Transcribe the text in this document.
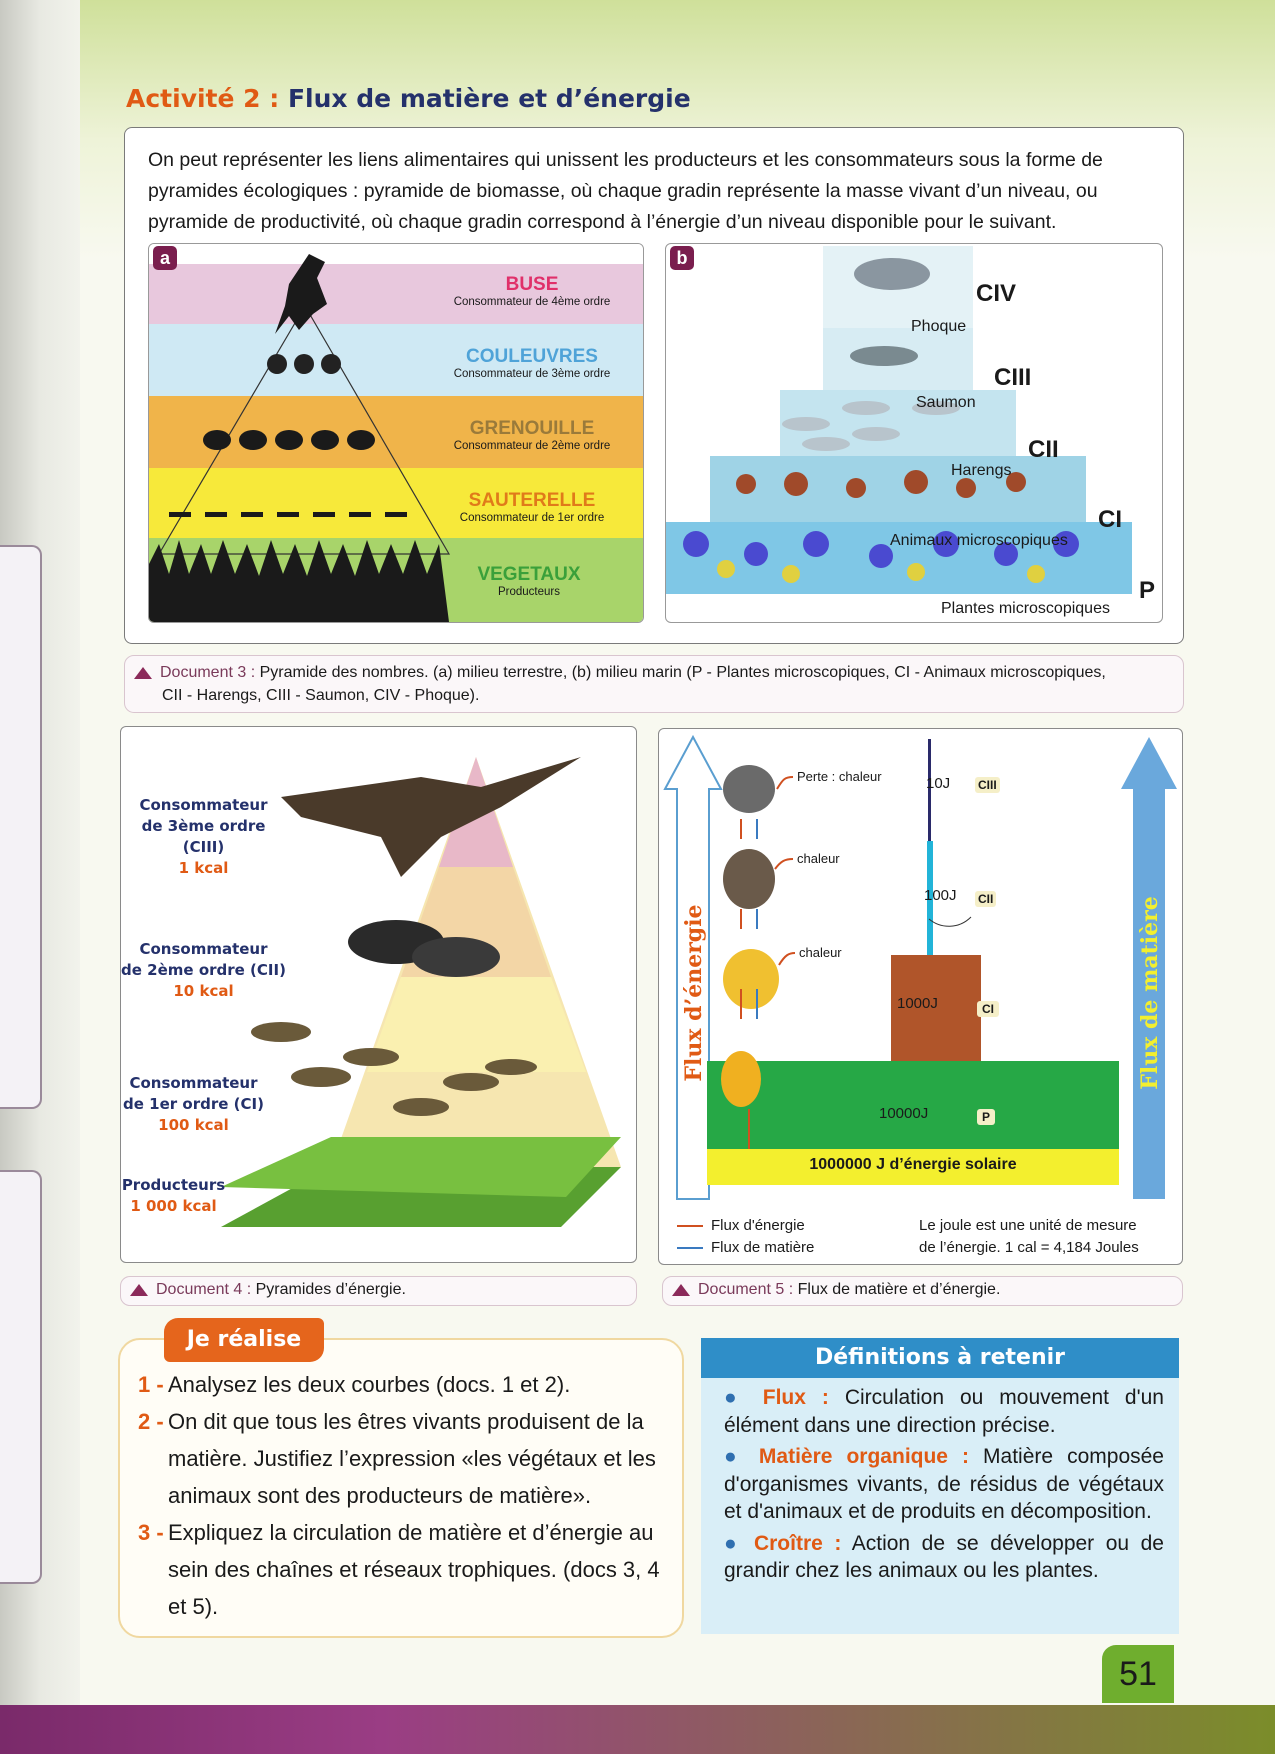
Activité 2 : Flux de matière et d’énergie
On peut représenter les liens alimentaires qui unissent les producteurs et les consommateurs sous la forme de pyramides écologiques : pyramide de biomasse, où chaque gradin représente la masse vivant d’un niveau, ou pyramide de productivité, où chaque gradin correspond à l’énergie d’un niveau disponible pour le suivant.
a
BUSE
Consommateur de 4ème ordre
COULEUVRES
Consommateur de 3ème ordre
GRENOUILLE
Consommateur de 2ème ordre
SAUTERELLE
Consommateur de 1er ordre
VEGETAUX
Producteurs
b
CIV
Phoque
CIII
Saumon
CII
Harengs
CI
Animaux microscopiques
P
Plantes microscopiques
Document 3 : Pyramide des nombres. (a) milieu terrestre, (b) milieu marin (P - Plantes microscopiques, CI - Animaux microscopiques,
CII - Harengs, CIII - Saumon, CIV - Phoque).
Consommateur
de 3ème ordre (CIII)
1 kcal
Consommateur
de 2ème ordre (CII)
10 kcal
Consommateur
de 1er ordre (CI)
100 kcal
Producteurs
1 000 kcal
Flux d’énergie	Flux de matière
Perte : chaleur
chaleur
chaleur
10J CIII
100J CII
1000J	CI
10000J	P
1000000 J d’énergie solaire
Flux d'énergie
Flux de matière
Le joule est une unité de mesure
de l’énergie. 1 cal = 4,184 Joules
Document 4 : Pyramides d’énergie.	Document 5 : Flux de matière et d’énergie.
Je réalise
1 - Analysez les deux courbes (docs. 1 et 2).
2 - On dit que tous les êtres vivants produisent de la matière. Justifiez l’expression «les végétaux et les animaux sont des producteurs de matière».
3 - Expliquez la circulation de matière et d’énergie au sein des chaînes et réseaux trophiques. (docs 3, 4 et 5).
Définitions à retenir
● Flux : Circulation ou mouvement d'un élément dans une direction précise.
● Matière organique : Matière composée d'organismes vivants, de résidus de végétaux et d'animaux et de produits en décomposition.
● Croître : Action de se développer ou de grandir chez les animaux ou les plantes.
51
